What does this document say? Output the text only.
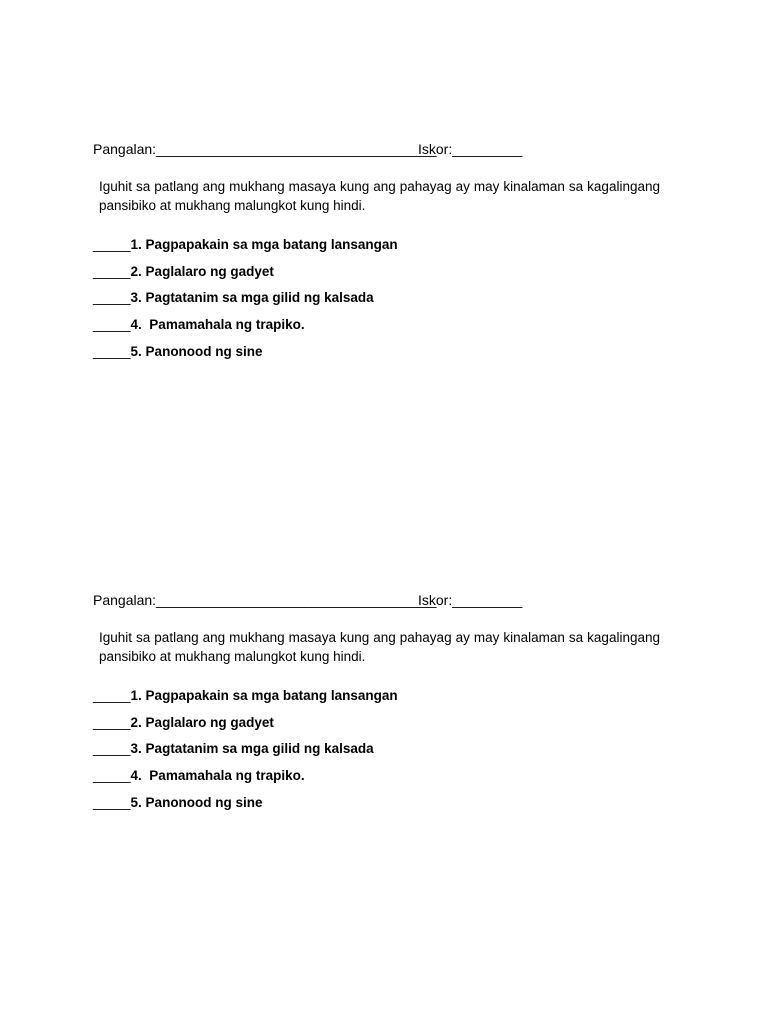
Pangalan:____________________________________
Iskor:_________

Iguhit sa patlang ang mukhang masaya kung ang pahayag ay may kinalaman sa kagalingang pansibiko at mukhang malungkot kung hindi.

_____1. Pagpapakain sa mga batang lansangan
_____2. Paglalaro ng gadyet
_____3. Pagtatanim sa mga gilid ng kalsada
_____4.  Pamamahala ng trapiko.
_____5. Panonood ng sine
Pangalan:____________________________________
Iskor:_________

Iguhit sa patlang ang mukhang masaya kung ang pahayag ay may kinalaman sa kagalingang pansibiko at mukhang malungkot kung hindi.

_____1. Pagpapakain sa mga batang lansangan
_____2. Paglalaro ng gadyet
_____3. Pagtatanim sa mga gilid ng kalsada
_____4.  Pamamahala ng trapiko.
_____5. Panonood ng sine
